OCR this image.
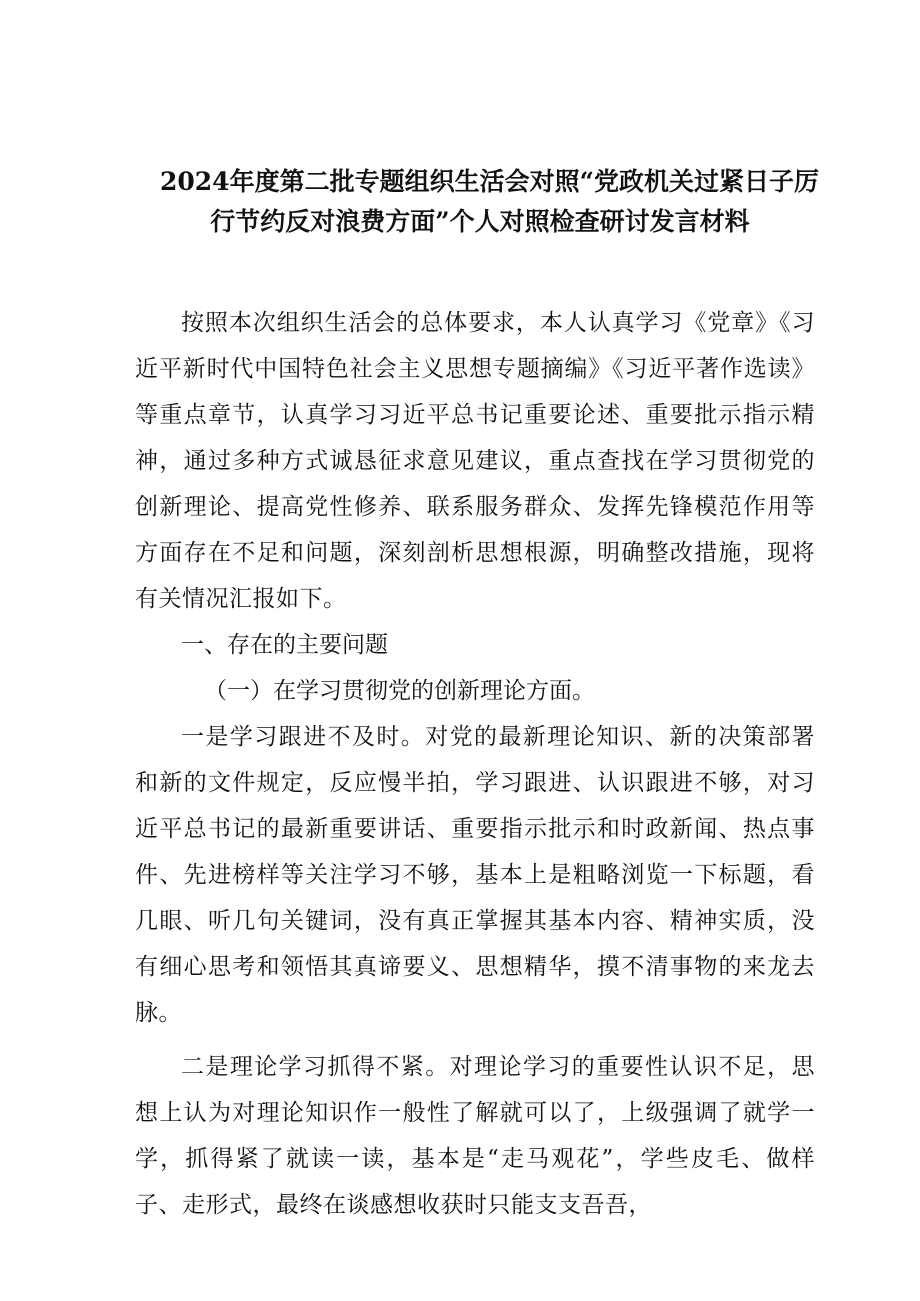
2024年度第二批专题组织生活会对照“党政机关过紧日子厉
行节约反对浪费方面”个人对照检查研讨发言材料

按照本次组织生活会的总体要求，本人认真学习《党章》《习近平新时代中国特色社会主义思想专题摘编》《习近平著作选读》等重点章节，认真学习习近平总书记重要论述、重要批示指示精神，通过多种方式诚恳征求意见建议，重点查找在学习贯彻党的创新理论、提高党性修养、联系服务群众、发挥先锋模范作用等方面存在不足和问题，深刻剖析思想根源，明确整改措施，现将有关情况汇报如下。

一、存在的主要问题

（一）在学习贯彻党的创新理论方面。

一是学习跟进不及时。对党的最新理论知识、新的决策部署和新的文件规定，反应慢半拍，学习跟进、认识跟进不够，对习近平总书记的最新重要讲话、重要指示批示和时政新闻、热点事件、先进榜样等关注学习不够，基本上是粗略浏览一下标题，看几眼、听几句关键词，没有真正掌握其基本内容、精神实质，没有细心思考和领悟其真谛要义、思想精华，摸不清事物的来龙去脉。

二是理论学习抓得不紧。对理论学习的重要性认识不足，思想上认为对理论知识作一般性了解就可以了，上级强调了就学一学，抓得紧了就读一读，基本是“走马观花”，学些皮毛、做样子、走形式，最终在谈感想收获时只能支支吾吾，
